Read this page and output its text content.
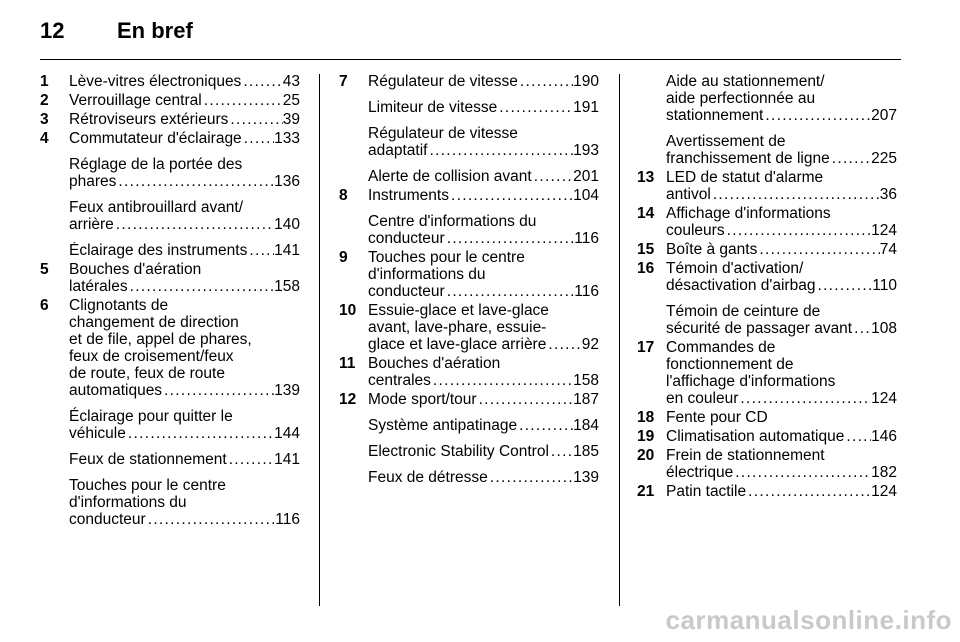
12 En bref
1 Lève-vitres électroniques . . .	43
2 Verrouillage central . . .	25
3 Rétroviseurs extérieurs . . .	39
4 Commutateur d'éclairage . . . 133
Réglage de la portée des
phares . . .	136
Feux antibrouillard avant/
arrière . . .	140
Éclairage des instruments . . . 141
5 Bouches d'aération
latérales . . .	158
6 Clignotants de
changement de direction
et de file, appel de phares,
feux de croisement/feux
de route, feux de route
automatiques . . .	139
Éclairage pour quitter le
véhicule . . .	144
Feux de stationnement . . .	141
Touches pour le centre
d'informations du
conducteur . . .	116
7 Régulateur de vitesse . . .	190
Limiteur de vitesse . . .	191
Régulateur de vitesse
adaptatif . . .	193
Alerte de collision avant . . .	201
8 Instruments . . .	104
Centre d'informations du
conducteur . . .	116
9 Touches pour le centre
d'informations du
conducteur . . .	116
10 Essuie-glace et lave-glace
avant, lave-phare, essuie-
glace et lave-glace arrière . . . 92
11 Bouches d'aération
centrales . . .	158
12 Mode sport/tour . . .	187
Système antipatinage . . .	184
Electronic Stability Control . . . 185
Feux de détresse . . .	139
Aide au stationnement/
aide perfectionnée au
stationnement . . .	207
Avertissement de
franchissement de ligne . . .	225
13 LED de statut d'alarme
antivol . . .	36
14 Affichage d'informations
couleurs . . .	124
15 Boîte à gants . . .	74
16 Témoin d'activation/
désactivation d'airbag . . .	110
Témoin de ceinture de
sécurité de passager avant . . . 108
17 Commandes de
fonctionnement de
l'affichage d'informations
en couleur . . .	124
18 Fente pour CD
19 Climatisation automatique . . . 146
20 Frein de stationnement
électrique . . .	182
21 Patin tactile . . .	124
carmanualsonline.info
